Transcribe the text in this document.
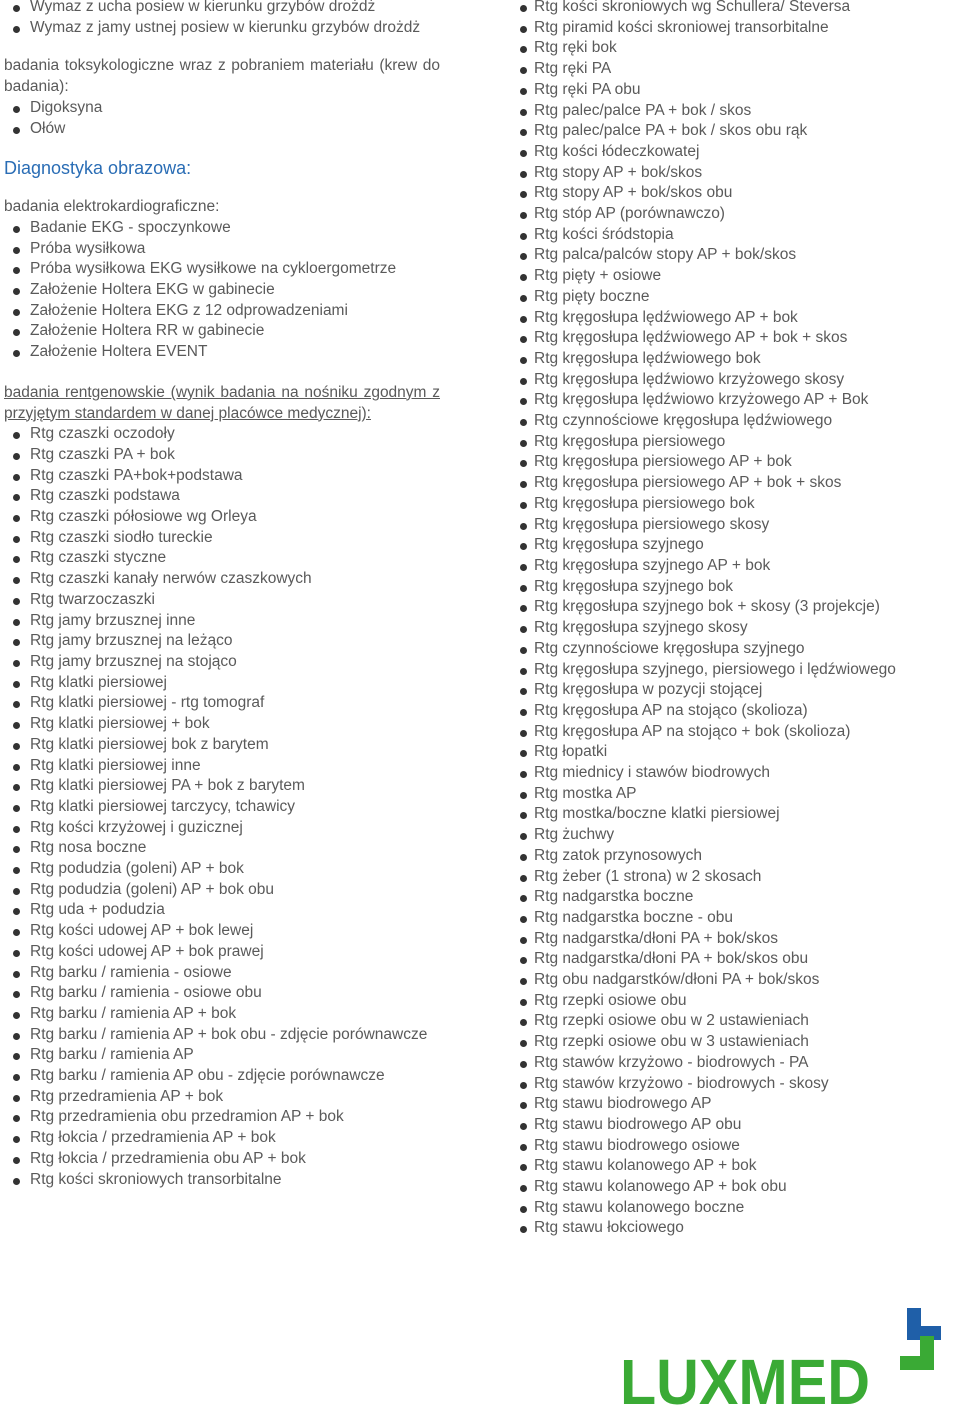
Wymaz z ucha posiew w kierunku grzybów drożdż
Wymaz z jamy ustnej posiew w kierunku grzybów drożdż
badania toksykologiczne wraz z pobraniem materiału (krew do badania):
Digoksyna
Ołów
Diagnostyka obrazowa:
badania elektrokardiograficzne:
Badanie EKG - spoczynkowe
Próba wysiłkowa
Próba wysiłkowa EKG wysiłkowe na cykloergometrze
Założenie Holtera EKG w gabinecie
Założenie Holtera EKG z 12 odprowadzeniami
Założenie Holtera RR w gabinecie
Założenie Holtera EVENT
badania rentgenowskie (wynik badania na nośniku zgodnym z przyjętym standardem w danej placówce medycznej):
Rtg czaszki oczodoły
Rtg czaszki PA + bok
Rtg czaszki PA+bok+podstawa
Rtg czaszki podstawa
Rtg czaszki półosiowe wg Orleya
Rtg czaszki siodło tureckie
Rtg czaszki styczne
Rtg czaszki kanały nerwów czaszkowych
Rtg twarzoczaszki
Rtg jamy brzusznej inne
Rtg jamy brzusznej na leżąco
Rtg jamy brzusznej na stojąco
Rtg klatki piersiowej
Rtg klatki piersiowej - rtg tomograf
Rtg klatki piersiowej + bok
Rtg klatki piersiowej bok z barytem
Rtg klatki piersiowej inne
Rtg klatki piersiowej PA + bok z barytem
Rtg klatki piersiowej tarczycy, tchawicy
Rtg kości krzyżowej i guzicznej
Rtg nosa boczne
Rtg podudzia (goleni) AP + bok
Rtg podudzia (goleni) AP + bok obu
Rtg uda + podudzia
Rtg kości udowej AP + bok lewej
Rtg kości udowej AP + bok prawej
Rtg barku / ramienia - osiowe
Rtg barku / ramienia - osiowe obu
Rtg barku / ramienia AP + bok
Rtg barku / ramienia AP + bok obu - zdjęcie porównawcze
Rtg barku / ramienia AP
Rtg barku / ramienia AP obu - zdjęcie porównawcze
Rtg przedramienia AP + bok
Rtg przedramienia obu przedramion AP + bok
Rtg łokcia / przedramienia AP + bok
Rtg łokcia / przedramienia obu AP + bok
Rtg kości skroniowych transorbitalne
Rtg kości skroniowych wg Schullera/ Steversa
Rtg piramid kości skroniowej transorbitalne
Rtg ręki bok
Rtg ręki PA
Rtg ręki PA obu
Rtg palec/palce PA + bok / skos
Rtg palec/palce PA + bok / skos obu rąk
Rtg kości łódeczkowatej
Rtg stopy AP + bok/skos
Rtg stopy AP + bok/skos obu
Rtg stóp AP (porównawczo)
Rtg kości śródstopia
Rtg palca/palców stopy AP + bok/skos
Rtg pięty + osiowe
Rtg pięty boczne
Rtg kręgosłupa lędźwiowego AP + bok
Rtg kręgosłupa lędźwiowego AP + bok + skos
Rtg kręgosłupa lędźwiowego bok
Rtg kręgosłupa lędźwiowo krzyżowego skosy
Rtg kręgosłupa lędźwiowo krzyżowego AP + Bok
Rtg czynnościowe kręgosłupa lędźwiowego
Rtg kręgosłupa piersiowego
Rtg kręgosłupa piersiowego AP + bok
Rtg kręgosłupa piersiowego AP + bok + skos
Rtg kręgosłupa piersiowego bok
Rtg kręgosłupa piersiowego skosy
Rtg kręgosłupa szyjnego
Rtg kręgosłupa szyjnego AP + bok
Rtg kręgosłupa szyjnego bok
Rtg kręgosłupa szyjnego bok + skosy (3 projekcje)
Rtg kręgosłupa szyjnego skosy
Rtg czynnościowe kręgosłupa szyjnego
Rtg kręgosłupa szyjnego, piersiowego i lędźwiowego
Rtg kręgosłupa w pozycji stojącej
Rtg kręgosłupa AP na stojąco (skolioza)
Rtg kręgosłupa AP na stojąco + bok (skolioza)
Rtg łopatki
Rtg miednicy i stawów biodrowych
Rtg mostka AP
Rtg mostka/boczne klatki piersiowej
Rtg żuchwy
Rtg zatok przynosowych
Rtg żeber (1 strona) w 2 skosach
Rtg nadgarstka boczne
Rtg nadgarstka boczne - obu
Rtg nadgarstka/dłoni PA + bok/skos
Rtg nadgarstka/dłoni PA + bok/skos obu
Rtg obu nadgarstków/dłoni PA + bok/skos
Rtg rzepki osiowe obu
Rtg rzepki osiowe obu w 2 ustawieniach
Rtg rzepki osiowe obu w 3 ustawieniach
Rtg stawów krzyżowo - biodrowych - PA
Rtg stawów krzyżowo - biodrowych - skosy
Rtg stawu biodrowego AP
Rtg stawu biodrowego AP obu
Rtg stawu biodrowego osiowe
Rtg stawu kolanowego AP + bok
Rtg stawu kolanowego AP + bok obu
Rtg stawu kolanowego boczne
Rtg stawu łokciowego
LUXMED
